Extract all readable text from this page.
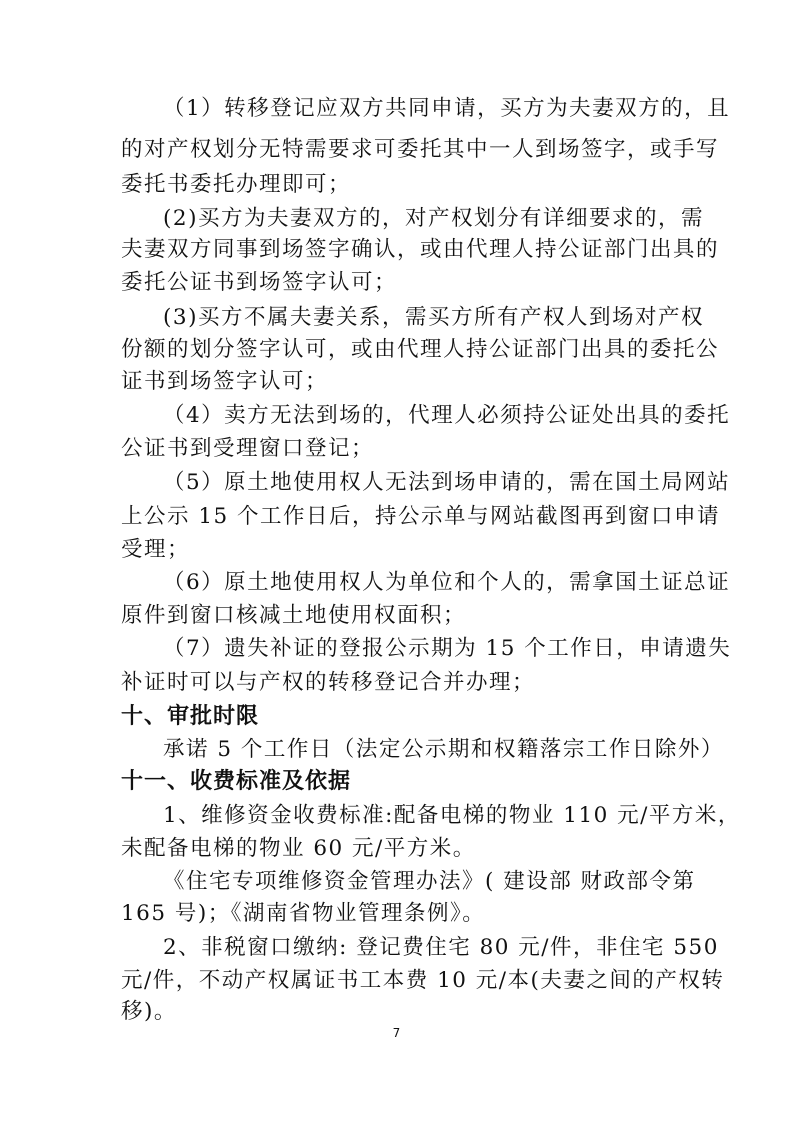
（1）转移登记应双方共同申请，买方为夫妻双方的，且
的对产权划分无特需要求可委托其中一人到场签字，或手写
委托书委托办理即可；
(2)买方为夫妻双方的，对产权划分有详细要求的，需
夫妻双方同事到场签字确认，或由代理人持公证部门出具的
委托公证书到场签字认可；
(3)买方不属夫妻关系，需买方所有产权人到场对产权
份额的划分签字认可，或由代理人持公证部门出具的委托公
证书到场签字认可；
（4）卖方无法到场的，代理人必须持公证处出具的委托
公证书到受理窗口登记；
（5）原土地使用权人无法到场申请的，需在国土局网站
上公示 15 个工作日后，持公示单与网站截图再到窗口申请
受理；
（6）原土地使用权人为单位和个人的，需拿国土证总证
原件到窗口核减土地使用权面积；
（7）遗失补证的登报公示期为 15 个工作日，申请遗失
补证时可以与产权的转移登记合并办理；
十、审批时限
承诺 5 个工作日（法定公示期和权籍落宗工作日除外）
十一、收费标准及依据
1、维修资金收费标准:配备电梯的物业 110 元/平方米，
未配备电梯的物业 60 元/平方米。
《住宅专项维修资金管理办法》( 建设部 财政部令第
165 号)；《湖南省物业管理条例》。
2、非税窗口缴纳: 登记费住宅 80 元/件，非住宅 550
元/件，不动产权属证书工本费 10 元/本(夫妻之间的产权转
移)。
7
